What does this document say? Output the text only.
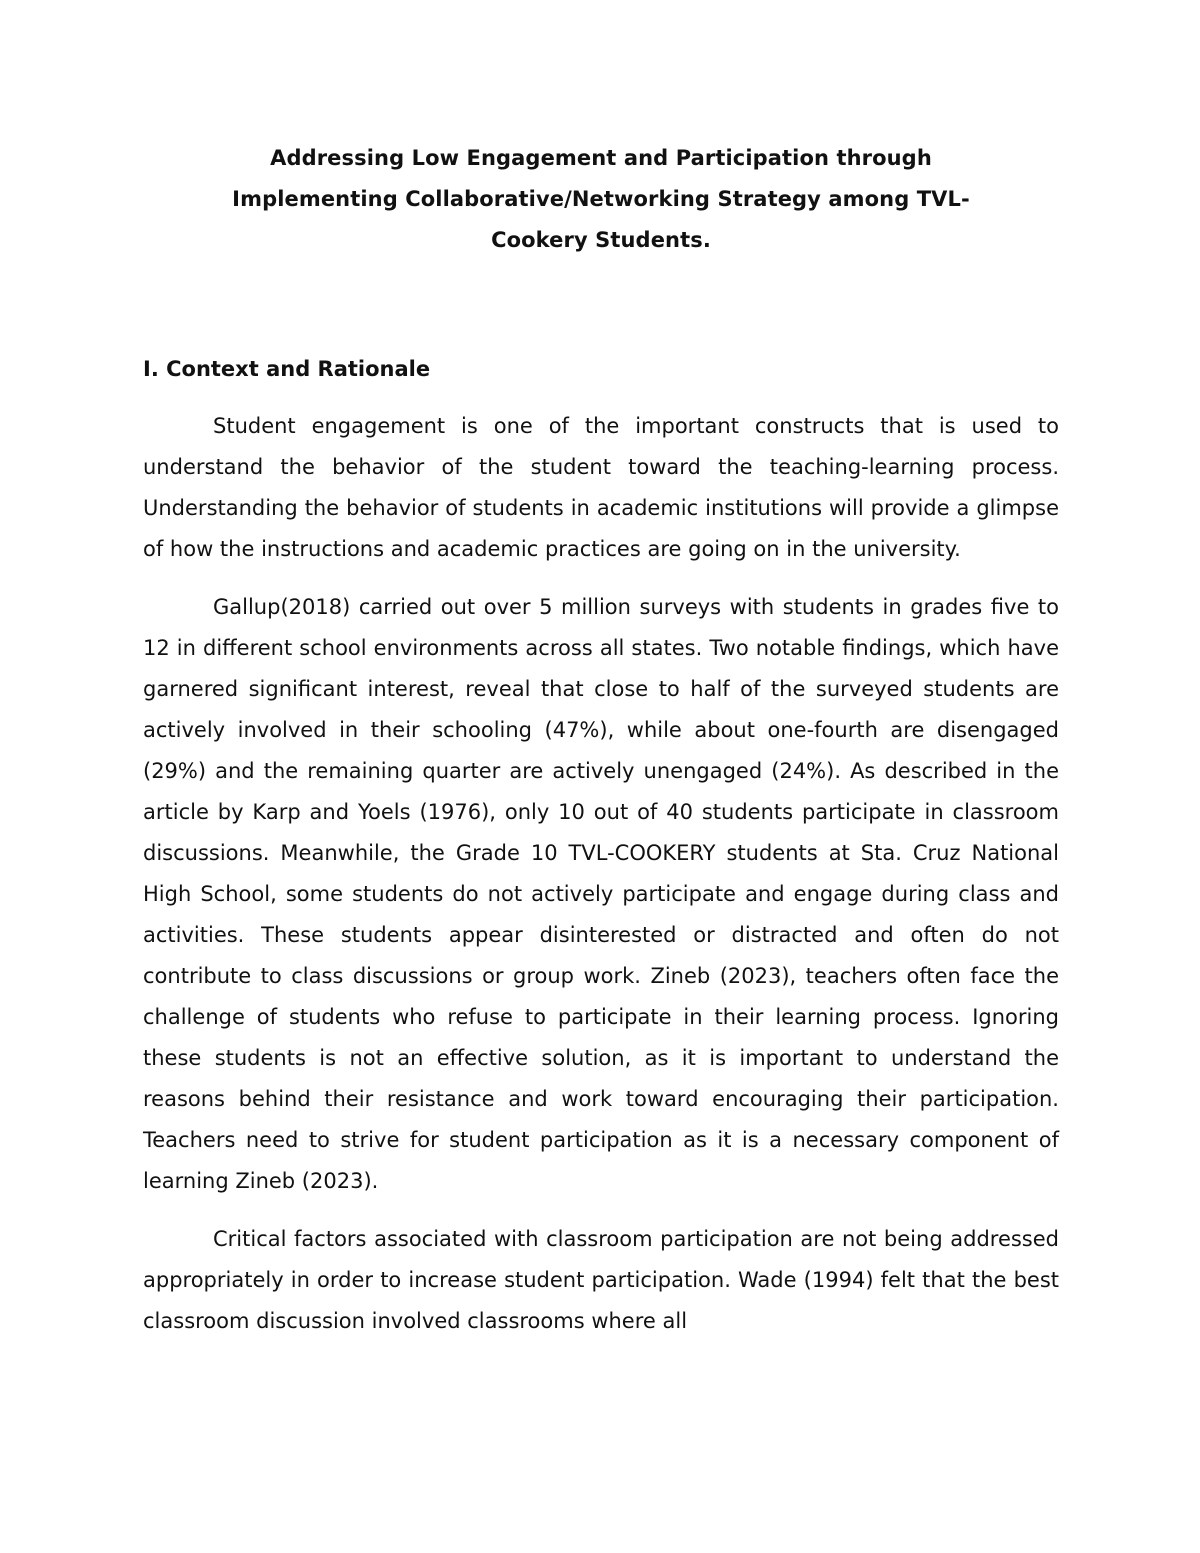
Addressing Low Engagement and Participation through
Implementing Collaborative/Networking Strategy among TVL-
Cookery Students.
I. Context and Rationale

Student engagement is one of the important constructs that is used to understand the behavior of the student toward the teaching-learning process. Understanding the behavior of students in academic institutions will provide a glimpse of how the instructions and academic practices are going on in the university.

Gallup(2018) carried out over 5 million surveys with students in grades five to 12 in different school environments across all states. Two notable findings, which have garnered significant interest, reveal that close to half of the surveyed students are actively involved in their schooling (47%), while about one-fourth are disengaged (29%) and the remaining quarter are actively unengaged (24%). As described in the article by Karp and Yoels (1976), only 10 out of 40 students participate in classroom discussions. Meanwhile, the Grade 10 TVL-COOKERY students at Sta. Cruz National High School, some students do not actively participate and engage during class and activities. These students appear disinterested or distracted and often do not contribute to class discussions or group work. Zineb (2023), teachers often face the challenge of students who refuse to participate in their learning process. Ignoring these students is not an effective solution, as it is important to understand the reasons behind their resistance and work toward encouraging their participation. Teachers need to strive for student participation as it is a necessary component of learning Zineb (2023).

Critical factors associated with classroom participation are not being addressed appropriately in order to increase student participation. Wade (1994) felt that the best classroom discussion involved classrooms where all
